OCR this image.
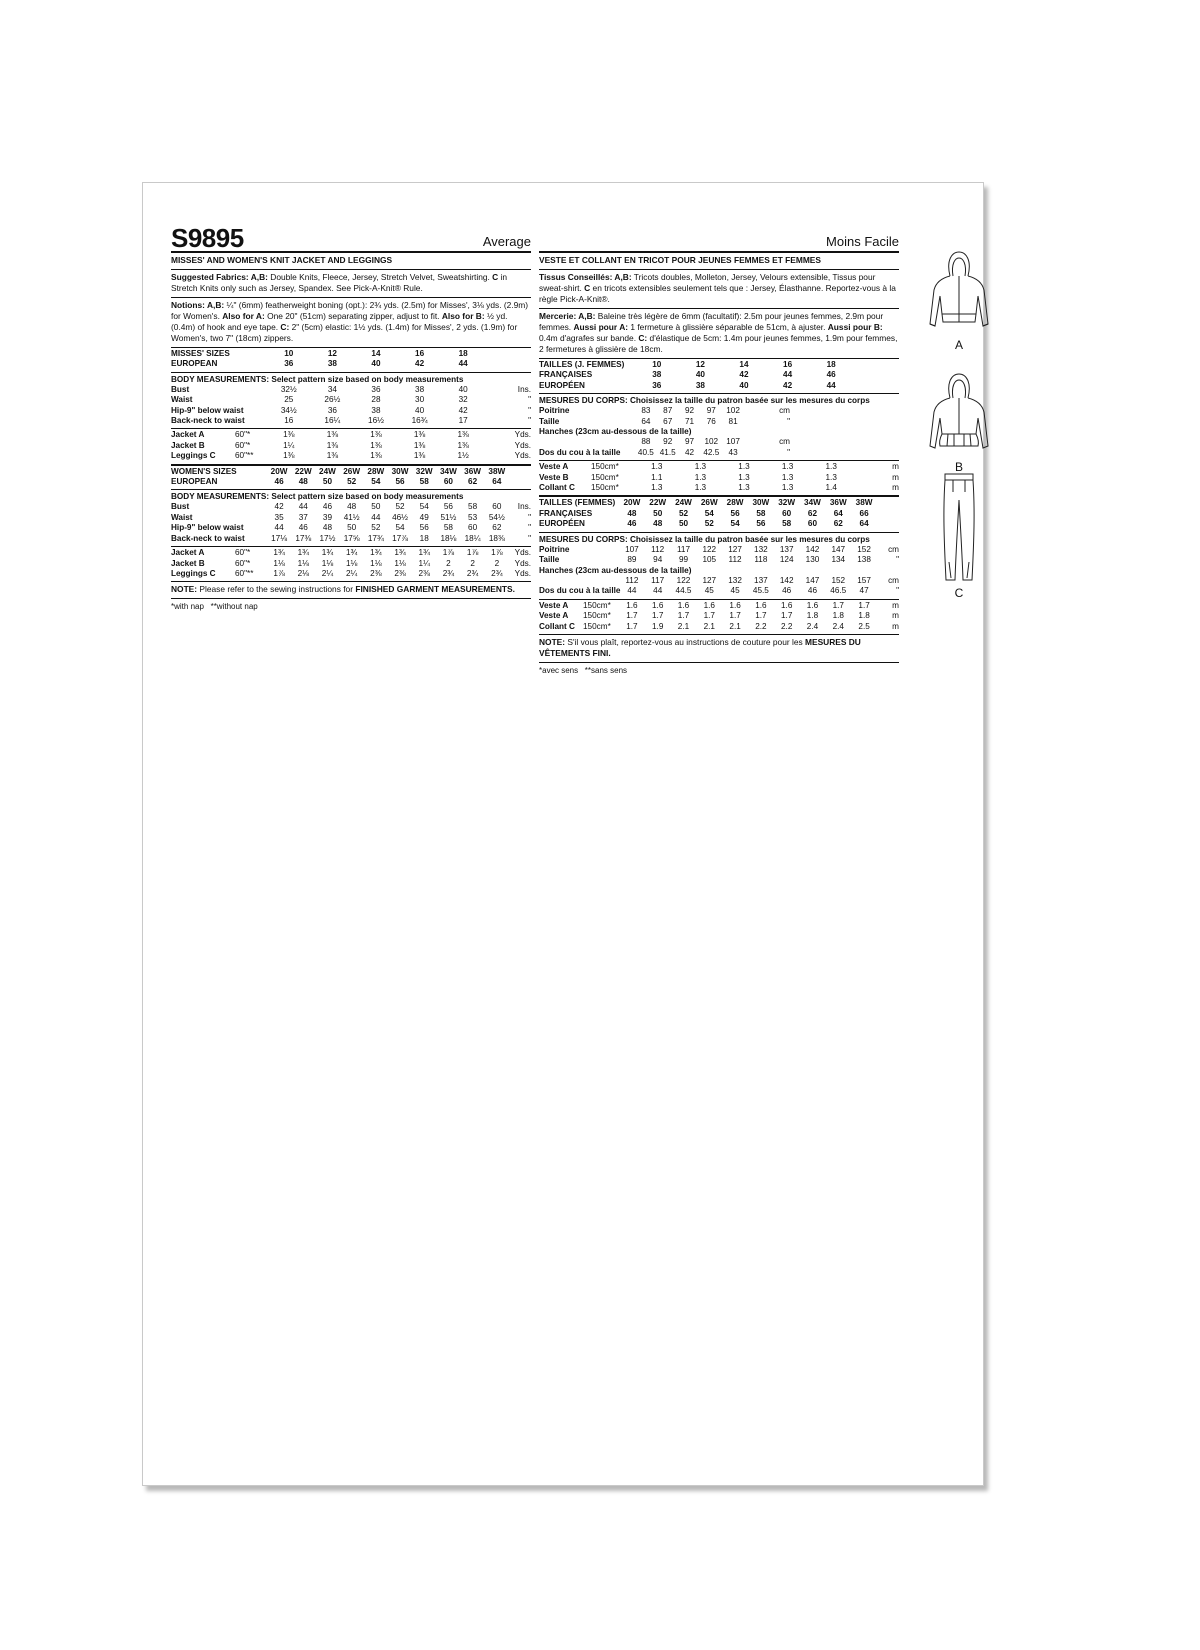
S9895	Average
MISSES' AND WOMEN'S KNIT JACKET AND LEGGINGS
Suggested Fabrics: A,B: Double Knits, Fleece, Jersey, Stretch Velvet, Sweatshirting. C in Stretch Knits only such as Jersey, Spandex. See Pick-A-Knit® Rule.
Notions: A,B: ¼" (6mm) featherweight boning (opt.): 2¾ yds. (2.5m) for Misses', 3⅛ yds. (2.9m) for Women's. Also for A: One 20" (51cm) separating zipper, adjust to fit. Also for B: ½ yd. (0.4m) of hook and eye tape. C: 2" (5cm) elastic: 1½ yds. (1.4m) for Misses', 2 yds. (1.9m) for Women's, two 7" (18cm) zippers.
MISSES' SIZES	10	12	14	16	18	
EUROPEAN	36	38	40	42	44	
BODY MEASUREMENTS: Select pattern size based on body measurements
Bust	32½	34	36	38	40	Ins.
Waist	25	26½	28	30	32	"
Hip-9" below waist	34½	36	38	40	42	"
Back-neck to waist	16	16¼	16½	16¾	17	"
Jacket A	60"*	1⅜	1⅜	1⅜	1⅜	1⅜	Yds.
Jacket B	60"*	1¼	1⅜	1⅜	1⅜	1⅜	Yds.
Leggings C	60"**	1⅜	1⅜	1⅜	1⅜	1½	Yds.
WOMEN'S SIZES	20W	22W	24W	26W	28W	30W	32W	34W	36W	38W	
EUROPEAN	46	48	50	52	54	56	58	60	62	64	
BODY MEASUREMENTS: Select pattern size based on body measurements
Bust	42	44	46	48	50	52	54	56	58	60	Ins.
Waist	35	37	39	41½	44	46½	49	51½	53	54½	"
Hip-9" below waist	44	46	48	50	52	54	56	58	60	62	"
Back-neck to waist	17⅛	17⅜	17½	17⅝	17¾	17⅞	18	18⅛	18¼	18⅜	"
Jacket A	60"*	1¾	1¾	1¾	1¾	1¾	1¾	1¾	1⅞	1⅞	1⅞	Yds.
Jacket B	60"*	1⅛	1⅛	1⅛	1⅛	1⅛	1⅛	1¼	2	2	2	Yds.
Leggings C	60"**	1⅞	2⅛	2¼	2¼	2⅜	2⅜	2⅜	2¾	2¾	2¾	Yds.
NOTE: Please refer to the sewing instructions for FINISHED GARMENT MEASUREMENTS.
*with nap   **without nap
Moins Facile
VESTE ET COLLANT EN TRICOT POUR JEUNES FEMMES ET FEMMES
Tissus Conseillés: A,B: Tricots doubles, Molleton, Jersey, Velours extensible, Tissus pour sweat-shirt. C en tricots extensibles seulement tels que : Jersey, Élasthanne. Reportez-vous à la règle Pick-A-Knit®.
Mercerie: A,B: Baleine très légère de 6mm (facultatif): 2.5m pour jeunes femmes, 2.9m pour femmes. Aussi pour A: 1 fermeture à glissière séparable de 51cm, à ajuster. Aussi pour B: 0.4m d'agrafes sur bande. C: d'élastique de 5cm: 1.4m pour jeunes femmes, 1.9m pour femmes, 2 fermetures à glissière de 18cm.
TAILLES (J. FEMMES)	10	12	14	16	18	
FRANÇAISES	38	40	42	44	46	
EUROPÉEN	36	38	40	42	44	
MESURES DU CORPS: Choisissez la taille du patron basée sur les mesures du corps
Poitrine	83	87	92	97	102	cm
Taille	64	67	71	76	81	"
Hanches (23cm au-dessous de la taille)						
	88	92	97	102	107	cm
Dos du cou à la taille	40.5	41.5	42	42.5	43	"
Veste A	150cm*	1.3	1.3	1.3	1.3	1.3	m
Veste B	150cm*	1.1	1.3	1.3	1.3	1.3	m
Collant C	150cm*	1.3	1.3	1.3	1.3	1.4	m
TAILLES (FEMMES)	20W	22W	24W	26W	28W	30W	32W	34W	36W	38W	
FRANÇAISES	48	50	52	54	56	58	60	62	64	66	
EUROPÉEN	46	48	50	52	54	56	58	60	62	64	
MESURES DU CORPS: Choisissez la taille du patron basée sur les mesures du corps
Poitrine	107	112	117	122	127	132	137	142	147	152	cm
Taille	89	94	99	105	112	118	124	130	134	138	"
Hanches (23cm au-dessous de la taille)											
	112	117	122	127	132	137	142	147	152	157	cm
Dos du cou à la taille	44	44	44.5	45	45	45.5	46	46	46.5	47	"
Veste A	150cm*	1.6	1.6	1.6	1.6	1.6	1.6	1.6	1.6	1.7	1.7	m
Veste A	150cm*	1.7	1.7	1.7	1.7	1.7	1.7	1.7	1.8	1.8	1.8	m
Collant C	150cm*	1.7	1.9	2.1	2.1	2.1	2.2	2.2	2.4	2.4	2.5	m
NOTE: S'il vous plaît, reportez-vous au instructions de couture pour les MESURES DU VÊTEMENTS FINI.
*avec sens   **sans sens
A
B
C
